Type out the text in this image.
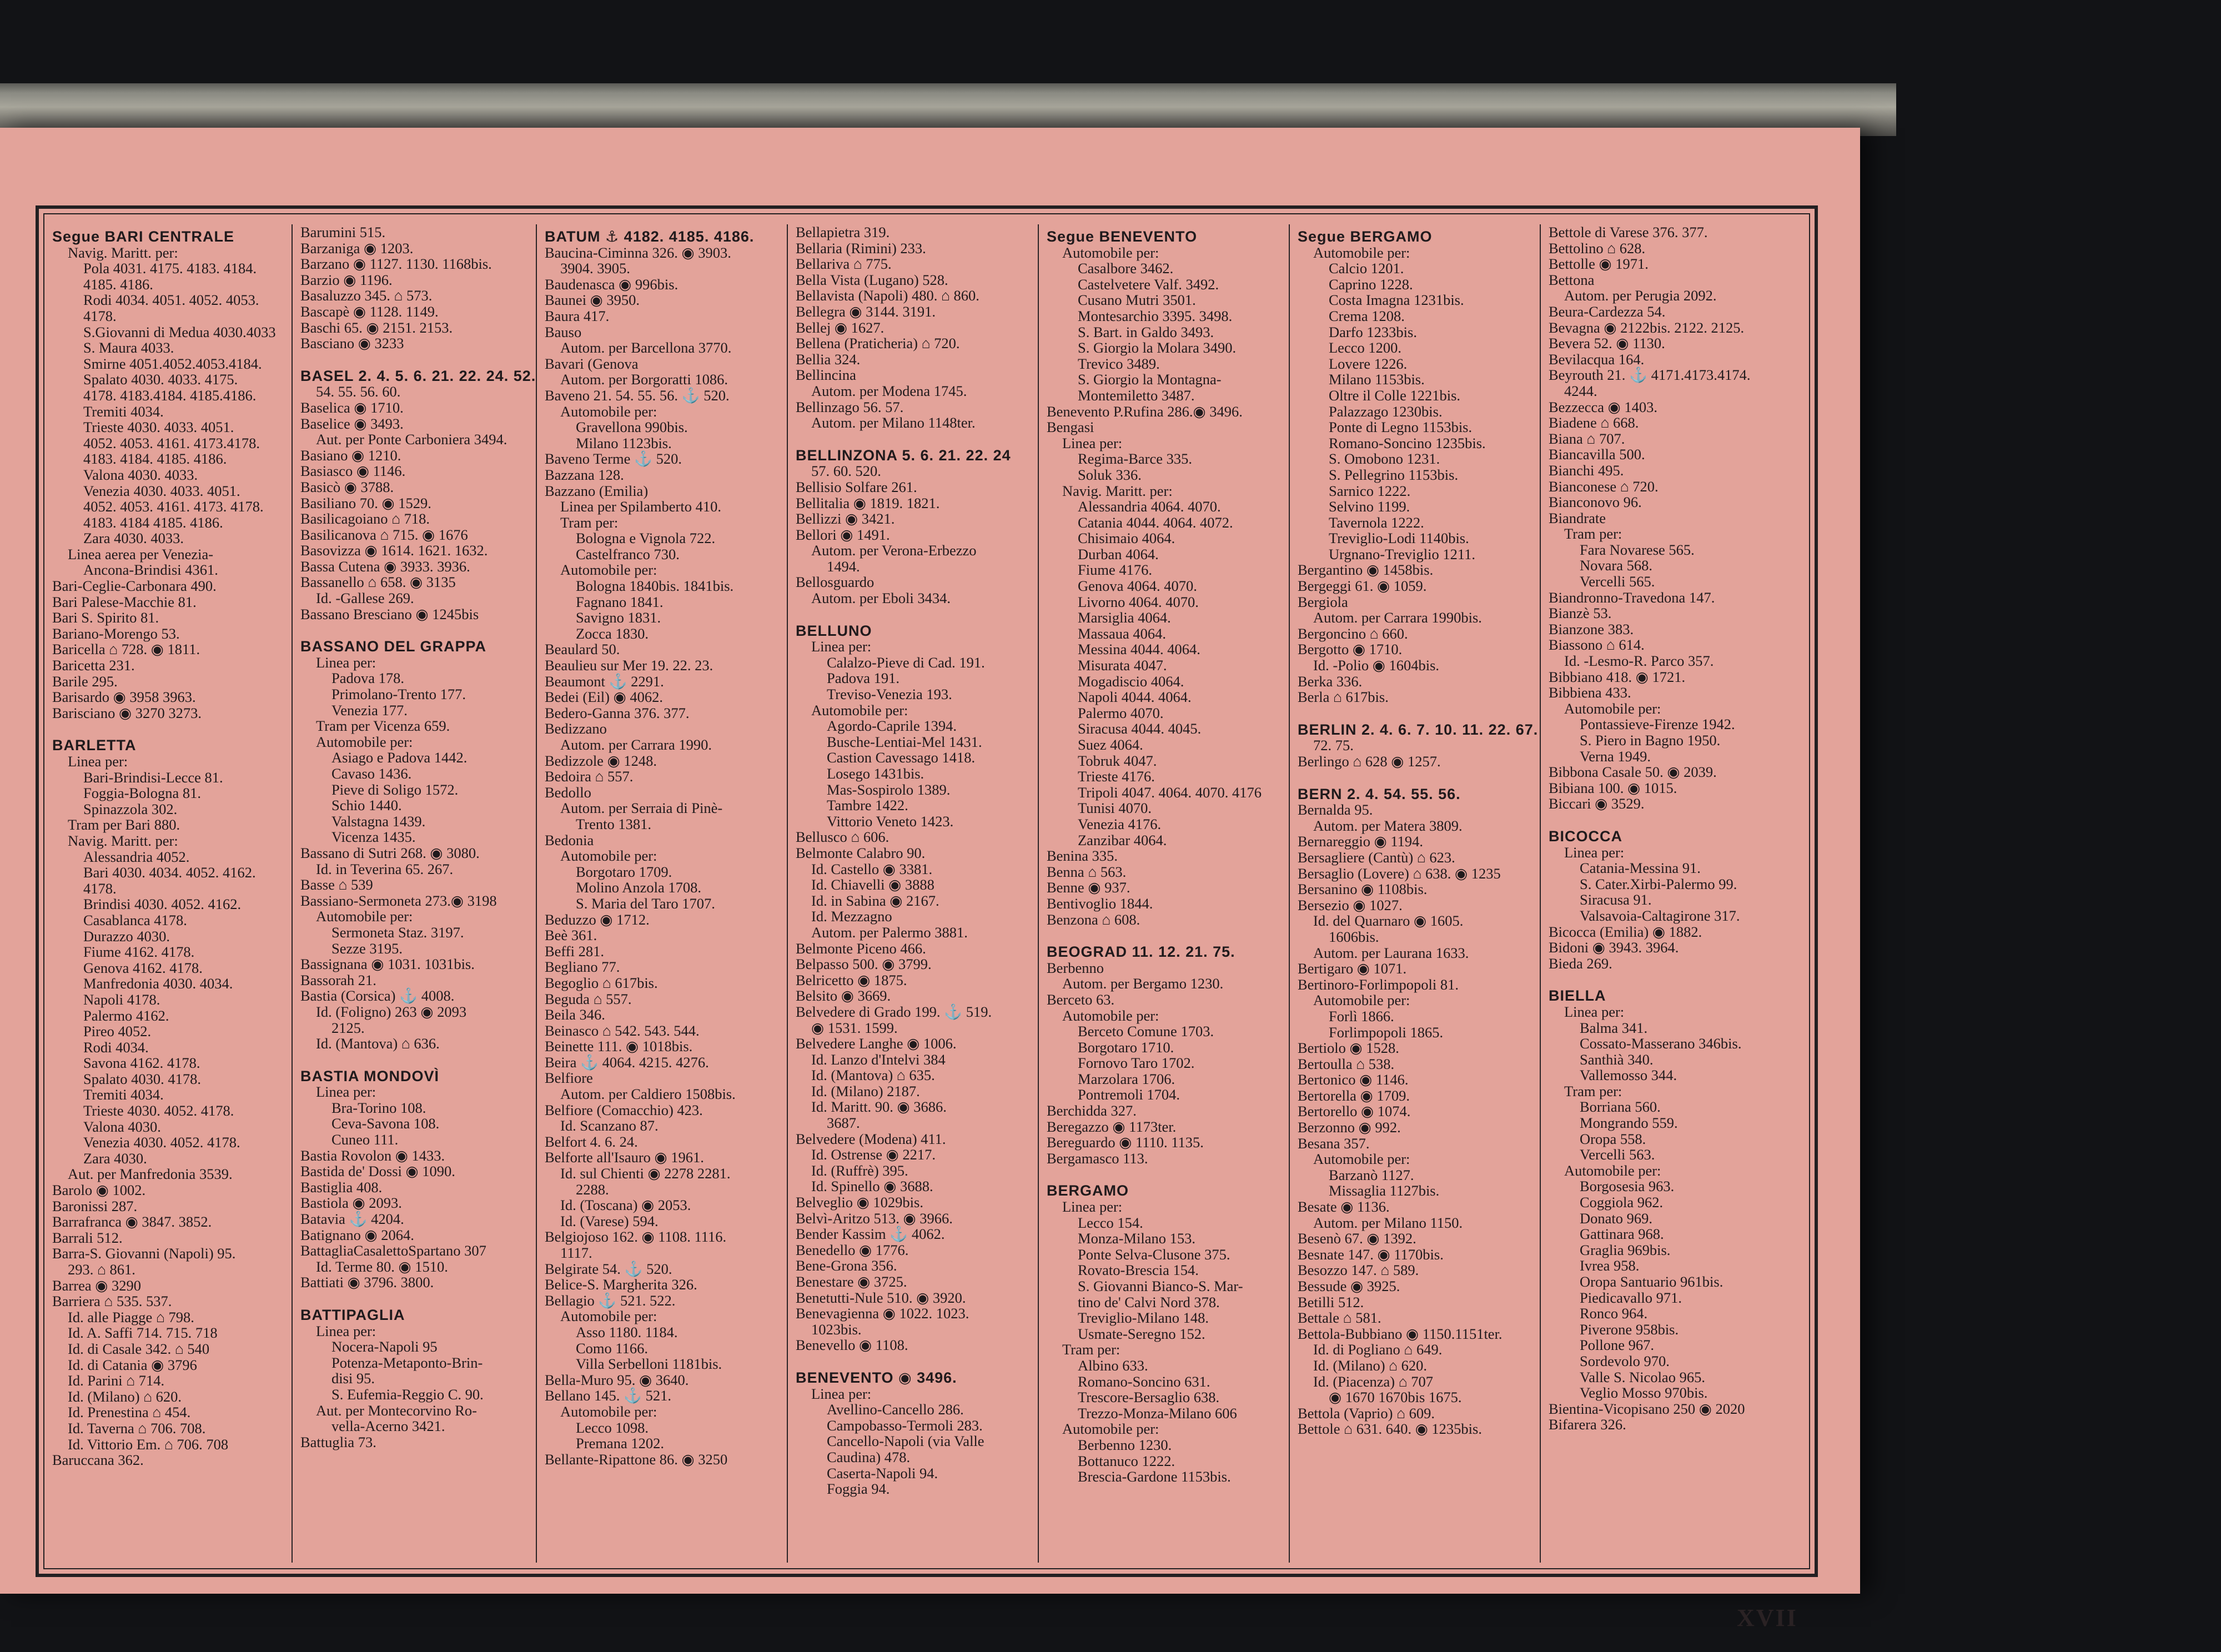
Segue BARI CENTRALE
Navig. Maritt. per:
Pola 4031. 4175. 4183. 4184.
4185. 4186.
Rodi 4034. 4051. 4052. 4053.
4178.
S.Giovanni di Medua 4030.4033
S. Maura 4033.
Smirne 4051.4052.4053.4184.
Spalato 4030. 4033. 4175.
4178. 4183.4184. 4185.4186.
Tremiti 4034.
Trieste 4030. 4033. 4051.
4052. 4053. 4161. 4173.4178.
4183. 4184. 4185. 4186.
Valona 4030. 4033.
Venezia 4030. 4033. 4051.
4052. 4053. 4161. 4173. 4178.
4183. 4184 4185. 4186.
Zara 4030. 4033.
Linea aerea per Venezia-
Ancona-Brindisi 4361.
Bari-Ceglie-Carbonara 490.
Bari Palese-Macchie 81.
Bari S. Spirito 81.
Bariano-Morengo 53.
Baricella ⌂ 728. ◉ 1811.
Baricetta 231.
Barile 295.
Barisardo ◉ 3958 3963.
Barisciano ◉ 3270 3273.
BARLETTA
Linea per:
Bari-Brindisi-Lecce 81.
Foggia-Bologna 81.
Spinazzola 302.
Tram per Bari 880.
Navig. Maritt. per:
Alessandria 4052.
Bari 4030. 4034. 4052. 4162.
4178.
Brindisi 4030. 4052. 4162.
Casablanca 4178.
Durazzo 4030.
Fiume 4162. 4178.
Genova 4162. 4178.
Manfredonia 4030. 4034.
Napoli 4178.
Palermo 4162.
Pireo 4052.
Rodi 4034.
Savona 4162. 4178.
Spalato 4030. 4178.
Tremiti 4034.
Trieste 4030. 4052. 4178.
Valona 4030.
Venezia 4030. 4052. 4178.
Zara 4030.
Aut. per Manfredonia 3539.
Barolo ◉ 1002.
Baronissi 287.
Barrafranca ◉ 3847. 3852.
Barrali 512.
Barra-S. Giovanni (Napoli) 95.
293. ⌂ 861.
Barrea ◉ 3290
Barriera ⌂ 535. 537.
Id. alle Piagge ⌂ 798.
Id. A. Saffi 714. 715. 718
Id. di Casale 342. ⌂ 540
Id. di Catania ◉ 3796
Id. Parini ⌂ 714.
Id. (Milano) ⌂ 620.
Id. Prenestina ⌂ 454.
Id. Taverna ⌂ 706. 708.
Id. Vittorio Em. ⌂ 706. 708
Baruccana 362.
Barumini 515.
Barzaniga ◉ 1203.
Barzano ◉ 1127. 1130. 1168bis.
Barzio ◉ 1196.
Basaluzzo 345. ⌂ 573.
Bascapè ◉ 1128. 1149.
Baschi 65. ◉ 2151. 2153.
Basciano ◉ 3233
BASEL 2. 4. 5. 6. 21. 22. 24. 52.
54. 55. 56. 60.
Baselica ◉ 1710.
Baselice ◉ 3493.
Aut. per Ponte Carboniera 3494.
Basiano ◉ 1210.
Basiasco ◉ 1146.
Basicò ◉ 3788.
Basiliano 70. ◉ 1529.
Basilicagoiano ⌂ 718.
Basilicanova ⌂ 715. ◉ 1676
Basovizza ◉ 1614. 1621. 1632.
Bassa Cutena ◉ 3933. 3936.
Bassanello ⌂ 658. ◉ 3135
Id. -Gallese 269.
Bassano Bresciano ◉ 1245bis
BASSANO DEL GRAPPA
Linea per:
Padova 178.
Primolano-Trento 177.
Venezia 177.
Tram per Vicenza 659.
Automobile per:
Asiago e Padova 1442.
Cavaso 1436.
Pieve di Soligo 1572.
Schio 1440.
Valstagna 1439.
Vicenza 1435.
Bassano di Sutri 268. ◉ 3080.
Id. in Teverina 65. 267.
Basse ⌂ 539
Bassiano-Sermoneta 273.◉ 3198
Automobile per:
Sermoneta Staz. 3197.
Sezze 3195.
Bassignana ◉ 1031. 1031bis.
Bassorah 21.
Bastia (Corsica) ⚓ 4008.
Id. (Foligno) 263 ◉ 2093
2125.
Id. (Mantova) ⌂ 636.
BASTIA MONDOVÌ
Linea per:
Bra-Torino 108.
Ceva-Savona 108.
Cuneo 111.
Bastia Rovolon ◉ 1433.
Bastida de' Dossi ◉ 1090.
Bastiglia 408.
Bastiola ◉ 2093.
Batavia ⚓ 4204.
Batignano ◉ 2064.
BattagliaCasalettoSpartano 307
Id. Terme 80. ◉ 1510.
Battiati ◉ 3796. 3800.
BATTIPAGLIA
Linea per:
Nocera-Napoli 95
Potenza-Metaponto-Brin-
disi 95.
S. Eufemia-Reggio C. 90.
Aut. per Montecorvino Ro-
vella-Acerno 3421.
Battuglia 73.
BATUM ⚓ 4182. 4185. 4186.
Baucina-Ciminna 326. ◉ 3903.
3904. 3905.
Baudenasca ◉ 996bis.
Baunei ◉ 3950.
Baura 417.
Bauso
Autom. per Barcellona 3770.
Bavari (Genova
Autom. per Borgoratti 1086.
Baveno 21. 54. 55. 56. ⚓ 520.
Automobile per:
Gravellona 990bis.
Milano 1123bis.
Baveno Terme ⚓ 520.
Bazzana 128.
Bazzano (Emilia)
Linea per Spilamberto 410.
Tram per:
Bologna e Vignola 722.
Castelfranco 730.
Automobile per:
Bologna 1840bis. 1841bis.
Fagnano 1841.
Savigno 1831.
Zocca 1830.
Beaulard 50.
Beaulieu sur Mer 19. 22. 23.
Beaumont ⚓ 2291.
Bedei (Eil) ◉ 4062.
Bedero-Ganna 376. 377.
Bedizzano
Autom. per Carrara 1990.
Bedizzole ◉ 1248.
Bedoira ⌂ 557.
Bedollo
Autom. per Serraia di Pinè-
Trento 1381.
Bedonia
Automobile per:
Borgotaro 1709.
Molino Anzola 1708.
S. Maria del Taro 1707.
Beduzzo ◉ 1712.
Beè 361.
Beffi 281.
Begliano 77.
Begoglio ⌂ 617bis.
Beguda ⌂ 557.
Beila 346.
Beinasco ⌂ 542. 543. 544.
Beinette 111. ◉ 1018bis.
Beira ⚓ 4064. 4215. 4276.
Belfiore
Autom. per Caldiero 1508bis.
Belfiore (Comacchio) 423.
Id. Scanzano 87.
Belfort 4. 6. 24.
Belforte all'Isauro ◉ 1961.
Id. sul Chienti ◉ 2278 2281.
2288.
Id. (Toscana) ◉ 2053.
Id. (Varese) 594.
Belgiojoso 162. ◉ 1108. 1116.
1117.
Belgirate 54. ⚓ 520.
Belice-S. Margherita 326.
Bellagio ⚓ 521. 522.
Automobile per:
Asso 1180. 1184.
Como 1166.
Villa Serbelloni 1181bis.
Bella-Muro 95. ◉ 3640.
Bellano 145. ⚓ 521.
Automobile per:
Lecco 1098.
Premana 1202.
Bellante-Ripattone 86. ◉ 3250
Bellapietra 319.
Bellaria (Rimini) 233.
Bellariva ⌂ 775.
Bella Vista (Lugano) 528.
Bellavista (Napoli) 480. ⌂ 860.
Bellegra ◉ 3144. 3191.
Bellej ◉ 1627.
Bellena (Praticheria) ⌂ 720.
Bellia 324.
Bellincina
Autom. per Modena 1745.
Bellinzago 56. 57.
Autom. per Milano 1148ter.
BELLINZONA 5. 6. 21. 22. 24
57. 60. 520.
Bellisio Solfare 261.
Bellitalia ◉ 1819. 1821.
Bellizzi ◉ 3421.
Bellori ◉ 1491.
Autom. per Verona-Erbezzo
1494.
Bellosguardo
Autom. per Eboli 3434.
BELLUNO
Linea per:
Calalzo-Pieve di Cad. 191.
Padova 191.
Treviso-Venezia 193.
Automobile per:
Agordo-Caprile 1394.
Busche-Lentiai-Mel 1431.
Castion Cavessago 1418.
Losego 1431bis.
Mas-Sospirolo 1389.
Tambre 1422.
Vittorio Veneto 1423.
Bellusco ⌂ 606.
Belmonte Calabro 90.
Id. Castello ◉ 3381.
Id. Chiavelli ◉ 3888
Id. in Sabina ◉ 2167.
Id. Mezzagno
Autom. per Palermo 3881.
Belmonte Piceno 466.
Belpasso 500. ◉ 3799.
Belricetto ◉ 1875.
Belsito ◉ 3669.
Belvedere di Grado 199. ⚓ 519.
◉ 1531. 1599.
Belvedere Langhe ◉ 1006.
Id. Lanzo d'Intelvi 384
Id. (Mantova) ⌂ 635.
Id. (Milano) 2187.
Id. Maritt. 90. ◉ 3686.
3687.
Belvedere (Modena) 411.
Id. Ostrense ◉ 2217.
Id. (Ruffrè) 395.
Id. Spinello ◉ 3688.
Belveglio ◉ 1029bis.
Belvì-Aritzo 513. ◉ 3966.
Bender Kassim ⚓ 4062.
Benedello ◉ 1776.
Bene-Grona 356.
Benestare ◉ 3725.
Benetutti-Nule 510. ◉ 3920.
Benevagienna ◉ 1022. 1023.
1023bis.
Benevello ◉ 1108.
BENEVENTO ◉ 3496.
Linea per:
Avellino-Cancello 286.
Campobasso-Termoli 283.
Cancello-Napoli (via Valle
Caudina) 478.
Caserta-Napoli 94.
Foggia 94.
Segue BENEVENTO
Automobile per:
Casalbore 3462.
Castelvetere Valf. 3492.
Cusano Mutri 3501.
Montesarchio 3395. 3498.
S. Bart. in Galdo 3493.
S. Giorgio la Molara 3490.
Trevico 3489.
S. Giorgio la Montagna-
Montemiletto 3487.
Benevento P.Rufina 286.◉ 3496.
Bengasi
Linea per:
Regima-Barce 335.
Soluk 336.
Navig. Maritt. per:
Alessandria 4064. 4070.
Catania 4044. 4064. 4072.
Chisimaio 4064.
Durban 4064.
Fiume 4176.
Genova 4064. 4070.
Livorno 4064. 4070.
Marsiglia 4064.
Massaua 4064.
Messina 4044. 4064.
Misurata 4047.
Mogadiscio 4064.
Napoli 4044. 4064.
Palermo 4070.
Siracusa 4044. 4045.
Suez 4064.
Tobruk 4047.
Trieste 4176.
Tripoli 4047. 4064. 4070. 4176
Tunisi 4070.
Venezia 4176.
Zanzibar 4064.
Benina 335.
Benna ⌂ 563.
Benne ◉ 937.
Bentivoglio 1844.
Benzona ⌂ 608.
BEOGRAD 11. 12. 21. 75.
Berbenno
Autom. per Bergamo 1230.
Berceto 63.
Automobile per:
Berceto Comune 1703.
Borgotaro 1710.
Fornovo Taro 1702.
Marzolara 1706.
Pontremoli 1704.
Berchidda 327.
Beregazzo ◉ 1173ter.
Bereguardo ◉ 1110. 1135.
Bergamasco 113.
BERGAMO
Linea per:
Lecco 154.
Monza-Milano 153.
Ponte Selva-Clusone 375.
Rovato-Brescia 154.
S. Giovanni Bianco-S. Mar-
tino de' Calvi Nord 378.
Treviglio-Milano 148.
Usmate-Seregno 152.
Tram per:
Albino 633.
Romano-Soncino 631.
Trescore-Bersaglio 638.
Trezzo-Monza-Milano 606
Automobile per:
Berbenno 1230.
Bottanuco 1222.
Brescia-Gardone 1153bis.
Segue BERGAMO
Automobile per:
Calcio 1201.
Caprino 1228.
Costa Imagna 1231bis.
Crema 1208.
Darfo 1233bis.
Lecco 1200.
Lovere 1226.
Milano 1153bis.
Oltre il Colle 1221bis.
Palazzago 1230bis.
Ponte di Legno 1153bis.
Romano-Soncino 1235bis.
S. Omobono 1231.
S. Pellegrino 1153bis.
Sarnico 1222.
Selvino 1199.
Tavernola 1222.
Treviglio-Lodi 1140bis.
Urgnano-Treviglio 1211.
Bergantino ◉ 1458bis.
Bergeggi 61. ◉ 1059.
Bergiola
Autom. per Carrara 1990bis.
Bergoncino ⌂ 660.
Bergotto ◉ 1710.
Id. -Polio ◉ 1604bis.
Berka 336.
Berla ⌂ 617bis.
BERLIN 2. 4. 6. 7. 10. 11. 22. 67.
72. 75.
Berlingo ⌂ 628 ◉ 1257.
BERN 2. 4. 54. 55. 56.
Bernalda 95.
Autom. per Matera 3809.
Bernareggio ◉ 1194.
Bersagliere (Cantù) ⌂ 623.
Bersaglio (Lovere) ⌂ 638. ◉ 1235
Bersanino ◉ 1108bis.
Bersezio ◉ 1027.
Id. del Quarnaro ◉ 1605.
1606bis.
Autom. per Laurana 1633.
Bertigaro ◉ 1071.
Bertinoro-Forlimpopoli 81.
Automobile per:
Forlì 1866.
Forlimpopoli 1865.
Bertiolo ◉ 1528.
Bertoulla ⌂ 538.
Bertonico ◉ 1146.
Bertorella ◉ 1709.
Bertorello ◉ 1074.
Berzonno ◉ 992.
Besana 357.
Automobile per:
Barzanò 1127.
Missaglia 1127bis.
Besate ◉ 1136.
Autom. per Milano 1150.
Besenò 67. ◉ 1392.
Besnate 147. ◉ 1170bis.
Besozzo 147. ⌂ 589.
Bessude ◉ 3925.
Betilli 512.
Bettale ⌂ 581.
Bettola-Bubbiano ◉ 1150.1151ter.
Id. di Pogliano ⌂ 649.
Id. (Milano) ⌂ 620.
Id. (Piacenza) ⌂ 707
◉ 1670 1670bis 1675.
Bettola (Vaprio) ⌂ 609.
Bettole ⌂ 631. 640. ◉ 1235bis.
Bettole di Varese 376. 377.
Bettolino ⌂ 628.
Bettolle ◉ 1971.
Bettona
Autom. per Perugia 2092.
Beura-Cardezza 54.
Bevagna ◉ 2122bis. 2122. 2125.
Bevera 52. ◉ 1130.
Bevilacqua 164.
Beyrouth 21. ⚓ 4171.4173.4174.
4244.
Bezzecca ◉ 1403.
Biadene ⌂ 668.
Biana ⌂ 707.
Biancavilla 500.
Bianchi 495.
Bianconese ⌂ 720.
Bianconovo 96.
Biandrate
Tram per:
Fara Novarese 565.
Novara 568.
Vercelli 565.
Biandronno-Travedona 147.
Bianzè 53.
Bianzone 383.
Biassono ⌂ 614.
Id. -Lesmo-R. Parco 357.
Bibbiano 418. ◉ 1721.
Bibbiena 433.
Automobile per:
Pontassieve-Firenze 1942.
S. Piero in Bagno 1950.
Verna 1949.
Bibbona Casale 50. ◉ 2039.
Bibiana 100. ◉ 1015.
Biccari ◉ 3529.
BICOCCA
Linea per:
Catania-Messina 91.
S. Cater.Xirbi-Palermo 99.
Siracusa 91.
Valsavoia-Caltagirone 317.
Bicocca (Emilia) ◉ 1882.
Bidoni ◉ 3943. 3964.
Bieda 269.
BIELLA
Linea per:
Balma 341.
Cossato-Masserano 346bis.
Santhià 340.
Vallemosso 344.
Tram per:
Borriana 560.
Mongrando 559.
Oropa 558.
Vercelli 563.
Automobile per:
Borgosesia 963.
Coggiola 962.
Donato 969.
Gattinara 968.
Graglia 969bis.
Ivrea 958.
Oropa Santuario 961bis.
Piedicavallo 971.
Ronco 964.
Piverone 958bis.
Pollone 967.
Sordevolo 970.
Valle S. Nicolao 965.
Veglio Mosso 970bis.
Bientina-Vicopisano 250 ◉ 2020
Bifarera 326.
XVII
